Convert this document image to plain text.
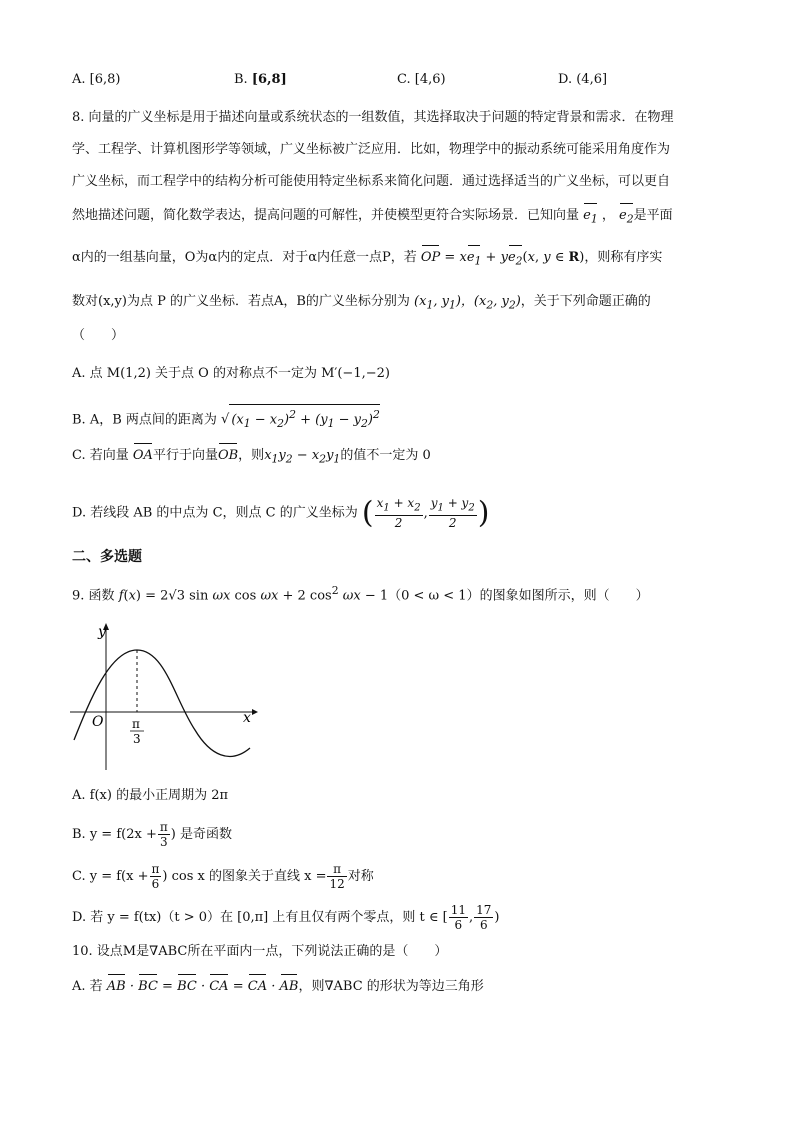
A. [6,8)	B. [6,8]	C. [4,6)	D. (4,6]
8. 向量的广义坐标是用于描述向量或系统状态的一组数值，其选择取决于问题的特定背景和需求．在物理
学、工程学、计算机图形学等领域，广义坐标被广泛应用．比如，物理学中的振动系统可能采用角度作为
广义坐标，而工程学中的结构分析可能使用特定坐标系来简化问题．通过选择适当的广义坐标，可以更自
然地描述问题，简化数学表达，提高问题的可解性，并使模型更符合实际场景．已知向量 $e_1$ ， $e_2$是平面
α内的一组基向量，O为α内的定点．对于α内任意一点P，若 OP = $xe_1 + ye_2(x$, y ∈ R)，则称有序实
数对(x,y)为点 P 的广义坐标．若点A，B的广义坐标分别为 ($x_1$, $y_1$)，($x_2$, $y_2$)，关于下列命题正确的
（　　）
A. 点 M(1,2) 关于点 O 的对称点不一定为 M′(−1,−2)
B. A，B 两点间的距离为 √ $(x_1 - x_2)^2 + (y_1 - y_2)^2$
C. 若向量 OA平行于向量OB，则$x_1y_2 - x_2y_1$的值不一定为 0
D. 若线段 AB 的中点为 C，则点 C 的广义坐标为 ( $\frac{x_1 + x_2}{2}$ , $\frac{y_1 + y_2}{2}$ )
二、多选题
9. 函数 f(x) = 2√3 sin ωx cos ωx + 2 $\cos^2 \omega x - 1(0 < \omega < 1)$的图象如图所示，则（　　）
y
x
O π
3
A. f(x) 的最小正周期为 2π
B. $y = f(2x + \frac{\pi}{3}$ ) 是奇函数
C. $y = f(x + \frac{\pi}{6}$ ) cos x 的图象关于直线 $x = \frac{\pi}{12}$ 对称
D. 若 y = f(tx)（t > 0）在 [0,π] 上有且仅有两个零点，则 t ∈ [ $\frac{11}{6}$ , $\frac{17}{6}$ )
10. 设点M是∇ABC所在平面内一点，下列说法正确的是（　　）
A. 若 AB · BC = BC · CA = CA · AB，则∇ABC 的形状为等边三角形
